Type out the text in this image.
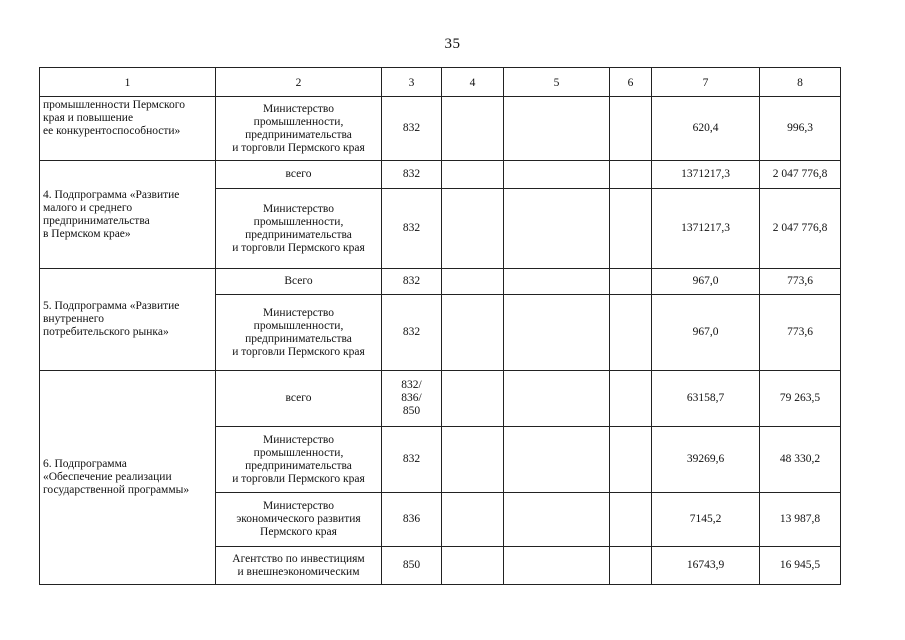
35
1	2	3	4	5	6	7	8
промышленности Пермского
края и повышение
ее конкурентоспособности»	Министерство
промышленности,
предпринимательства
и торговли Пермского края	832				620,4	996,3
4. Подпрограмма «Развитие
малого и среднего
предпринимательства
в Пермском крае»	всего	832				1371217,3	2 047 776,8
	Министерство
промышленности,
предпринимательства
и торговли Пермского края	832				1371217,3	2 047 776,8
5. Подпрограмма «Развитие
внутреннего
потребительского рынка»	Всего	832				967,0	773,6
	Министерство
промышленности,
предпринимательства
и торговли Пермского края	832				967,0	773,6
6. Подпрограмма
«Обеспечение реализации
государственной программы»	всего	832/
836/
850				63158,7	79 263,5
	Министерство
промышленности,
предпринимательства
и торговли Пермского края	832				39269,6	48 330,2
	Министерство
экономического развития
Пермского края	836				7145,2	13 987,8

Агентство по инвестициям
и внешнеэкономическим	850				16743,9	16 945,5
